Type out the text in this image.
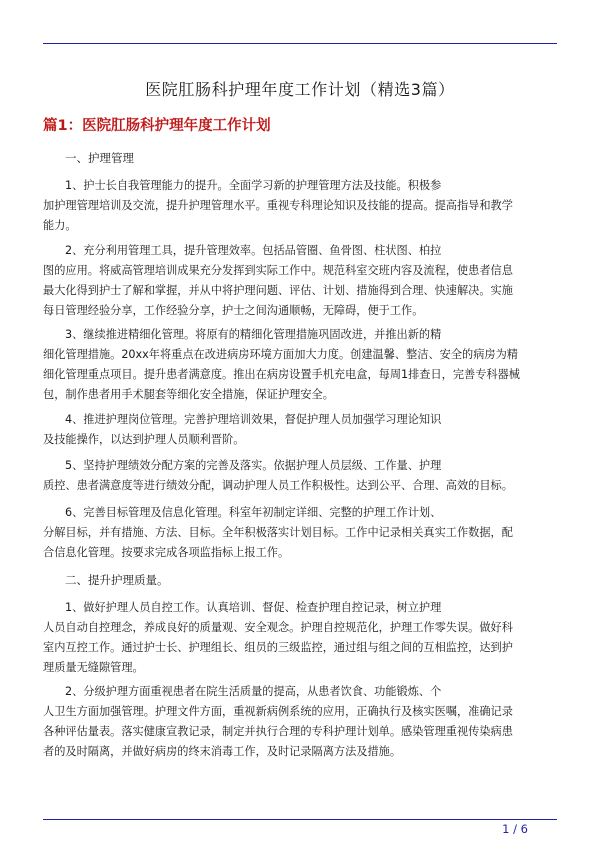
医院肛肠科护理年度工作计划（精选3篇）
篇1：医院肛肠科护理年度工作计划

一、护理管理

1、护士长自我管理能力的提升。全面学习新的护理管理方法及技能。积极参
加护理管理培训及交流，提升护理管理水平。重视专科理论知识及技能的提高。提高指导和教学
能力。

2、充分利用管理工具，提升管理效率。包括品管圈、鱼骨图、柱状图、柏拉
图的应用。将威高管理培训成果充分发挥到实际工作中。规范科室交班内容及流程，使患者信息
最大化得到护士了解和掌握，并从中将护理问题、评估、计划、措施得到合理、快速解决。实施
每日管理经验分享，工作经验分享，护士之间沟通顺畅，无障碍，便于工作。

3、继续推进精细化管理。将原有的精细化管理措施巩固改进，并推出新的精
细化管理措施。20xx年将重点在改进病房环境方面加大力度。创建温馨、整洁、安全的病房为精
细化管理重点项目。提升患者满意度。推出在病房设置手机充电盒，每周1排查日，完善专科器械
包，制作患者用手术腿套等细化安全措施，保证护理安全。

4、推进护理岗位管理。完善护理培训效果，督促护理人员加强学习理论知识
及技能操作，以达到护理人员顺利晋阶。

5、坚持护理绩效分配方案的完善及落实。依据护理人员层级、工作量、护理
质控、患者满意度等进行绩效分配，调动护理人员工作积极性。达到公平、合理、高效的目标。

6、完善目标管理及信息化管理。科室年初制定详细、完整的护理工作计划、
分解目标，并有措施、方法、目标。全年积极落实计划目标。工作中记录相关真实工作数据，配
合信息化管理。按要求完成各项监指标上报工作。

二、提升护理质量。

1、做好护理人员自控工作。认真培训、督促、检查护理自控记录，树立护理
人员自动自控理念，养成良好的质量观、安全观念。护理自控规范化，护理工作零失误。做好科
室内互控工作。通过护士长、护理组长、组员的三级监控，通过组与组之间的互相监控，达到护
理质量无缝隙管理。

2、分级护理方面重视患者在院生活质量的提高，从患者饮食、功能锻炼、个
人卫生方面加强管理。护理文件方面，重视新病例系统的应用，正确执行及核实医嘱，准确记录
各种评估量表。落实健康宣教记录，制定并执行合理的专科护理计划单。感染管理重视传染病患
者的及时隔离，并做好病房的终末消毒工作，及时记录隔离方法及措施。

1 / 6
